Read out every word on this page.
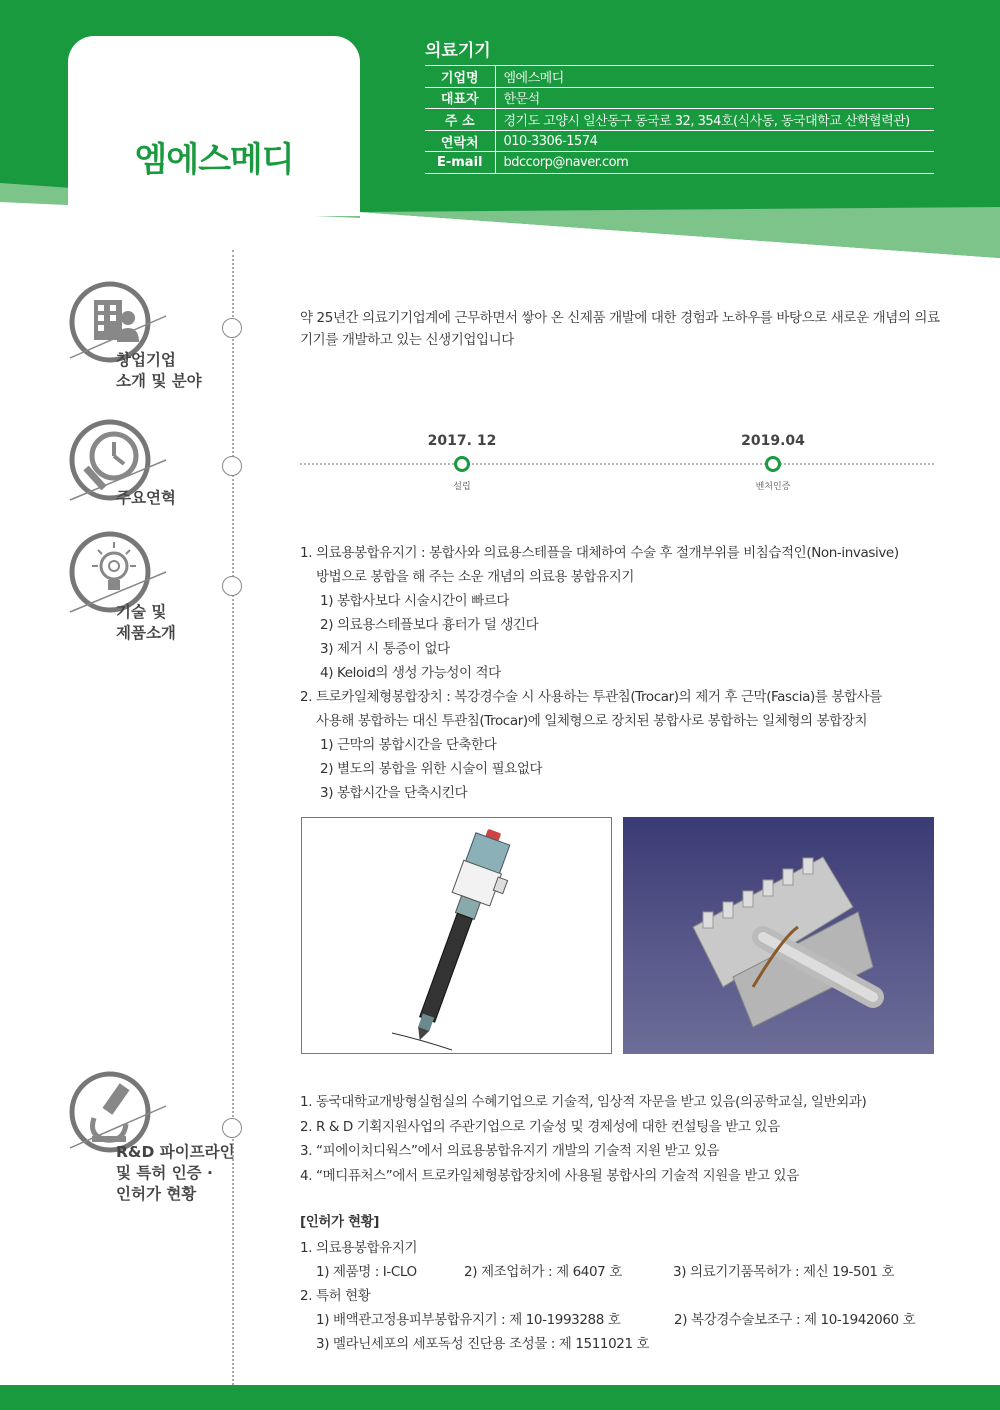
엠에스메디
의료기기
기업명	엠에스메디
대표자	한문석
주 소	경기도 고양시 일산동구 동국로 32, 354호(식사동, 동국대학교 산학협력관)
연락처	010-3306-1574
E-mail	bdccorp@naver.com
창업기업
소개 및 분야
주요연혁
기술 및
제품소개
R&D 파이프라인
및 특허 인증 ·
인허가 현황
약 25년간 의료기기업계에 근무하면서 쌓아 온 신제품 개발에 대한 경험과 노하우를 바탕으로 새로운 개념의 의료기기를 개발하고 있는 신생기업입니다
2017. 12
설립
2019.04
벤처인증
1. 의료용봉합유지기 : 봉합사와 의료용스테플을 대체하여 수술 후 절개부위를 비침습적인(Non-invasive)
방법으로 봉합을 해 주는 소운 개념의 의료용 봉합유지기
1) 봉합사보다 시술시간이 빠르다
2) 의료용스테플보다 흉터가 덜 생긴다
3) 제거 시 통증이 없다
4) Keloid의 생성 가능성이 적다
2. 트로카일체형봉합장치 : 복강경수술 시 사용하는 투관침(Trocar)의 제거 후 근막(Fascia)를 봉합사를
사용해 봉합하는 대신 투관침(Trocar)에 일체형으로 장치된 봉합사로 봉합하는 일체형의 봉합장치
1) 근막의 봉합시간을 단축한다
2) 별도의 봉합을 위한 시술이 필요없다
3) 봉합시간을 단축시킨다
1. 동국대학교개방형실험실의 수혜기업으로 기술적, 임상적 자문을 받고 있음(의공학교실, 일반외과)
2. R & D 기획지원사업의 주관기업으로 기술성 및 경제성에 대한 컨설팅을 받고 있음
3. “피에이치디웍스”에서 의료용봉합유지기 개발의 기술적 지원 받고 있음
4. “메디퓨처스”에서 트로카일체형봉합장치에 사용될 봉합사의 기술적 지원을 받고 있음
[인허가 현황]
1. 의료용봉합유지기
1) 제품명 : I-CLO	2) 제조업허가 : 제 6407 호	3) 의료기기품목허가 : 제신 19-501 호
2. 특허 현황
1) 배액관고정용피부봉합유지기 : 제 10-1993288 호	2) 복강경수술보조구 : 제 10-1942060 호
3) 멜라닌세포의 세포독성 진단용 조성물 : 제 1511021 호
